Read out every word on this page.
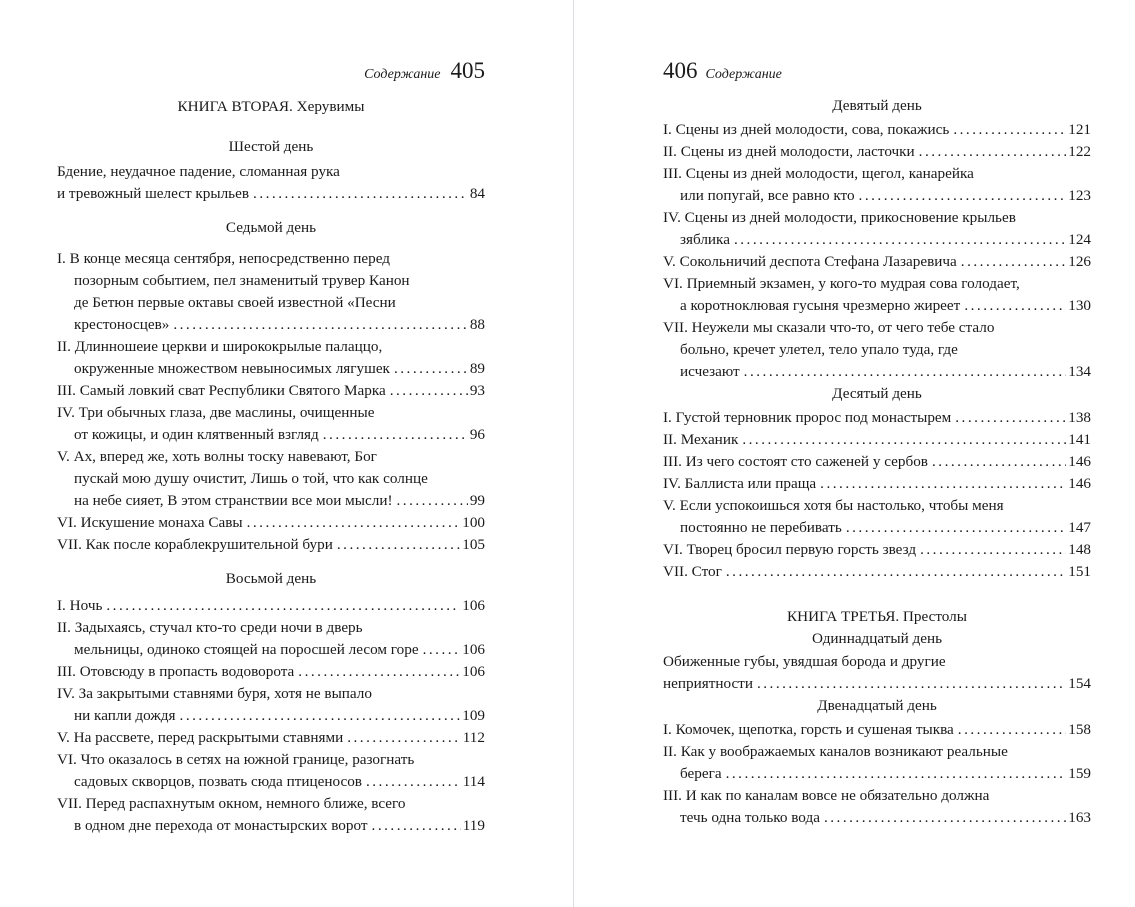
Содержание 405
КНИГА ВТОРАЯ. Херувимы
Шестой день
Бдение, неудачное падение, сломанная рука
и тревожный шелест крыльев . . .	84
Седьмой день
I. В конце месяца сентября, непосредственно перед
позорным событием, пел знаменитый трувер Канон
де Бетюн первые октавы своей известной «Песни
крестоносцев» . . .	88
II. Длинношеие церкви и ширококрылые палаццо,
окруженные множеством невыносимых лягушек . . .	89
III. Самый ловкий сват Республики Святого Марка . . .	93
IV. Три обычных глаза, две маслины, очищенные
от кожицы, и один клятвенный взгляд . . .	96
V. Ах, вперед же, хоть волны тоску навевают, Бог
пускай мою душу очистит, Лишь о той, что как солнце
на небе сияет, В этом странствии все мои мысли! . . .	99
VI. Искушение монаха Савы . . .	100
VII. Как после кораблекрушительной бури . . .	105
Восьмой день
I. Ночь . . .	106
II. Задыхаясь, стучал кто-то среди ночи в дверь
мельницы, одиноко стоящей на поросшей лесом горе . . .	106
III. Отовсюду в пропасть водоворота . . .	106
IV. За закрытыми ставнями буря, хотя не выпало
ни капли дождя . . .	109
V. На рассвете, перед раскрытыми ставнями . . .	112
VI. Что оказалось в сетях на южной границе, разогнать
садовых скворцов, позвать сюда птиценосов . . .	114
VII. Перед распахнутым окном, немного ближе, всего
в одном дне перехода от монастырских ворот . . .	119
406 Содержание
Девятый день
I. Сцены из дней молодости, сова, покажись . . .	121
II. Сцены из дней молодости, ласточки . . .	122
III. Сцены из дней молодости, щегол, канарейка
или попугай, все равно кто . . .	123
IV. Сцены из дней молодости, прикосновение крыльев
зяблика . . .	124
V. Сокольничий деспота Стефана Лазаревича . . .	126
VI. Приемный экзамен, у кого-то мудрая сова голодает,
а коротноклювая гусыня чрезмерно жиреет . . .	130
VII. Неужели мы сказали что-то, от чего тебе стало
больно, кречет улетел, тело упало туда, где
исчезают . . .	134
Десятый день
I. Густой терновник пророс под монастырем . . .	138
II. Механик . . .	141
III. Из чего состоят сто саженей у сербов . . .	146
IV. Баллиста или праща . . .	146
V. Если успокоишься хотя бы настолько, чтобы меня
постоянно не перебивать . . .	147
VI. Творец бросил первую горсть звезд . . .	148
VII. Стог . . .	151
КНИГА ТРЕТЬЯ. Престолы
Одиннадцатый день
Обиженные губы, увядшая борода и другие
неприятности . . .	154
Двенадцатый день
I. Комочек, щепотка, горсть и сушеная тыква . . .	158
II. Как у воображаемых каналов возникают реальные
берега . . .	159
III. И как по каналам вовсе не обязательно должна
течь одна только вода . . .	163
